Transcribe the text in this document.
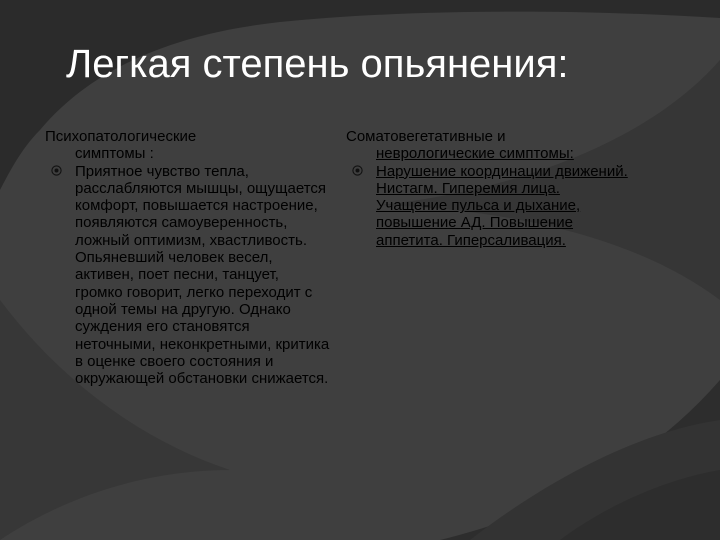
Легкая степень опьянения:
Психопатологические
симптомы :
Приятное чувство тепла, расслабляются мышцы, ощущается комфорт, повышается настроение, появляются самоуверенность, ложный оптимизм, хвастливость. Опьяневший человек весел, активен, поет песни, танцует, громко говорит, легко переходит с одной темы на другую. Однако суждения его становятся неточными, неконкретными, критика в оценке своего состояния и окружающей обстановки снижается.
Соматовегетативные и
неврологические симптомы:
Нарушение координации движений. Нистагм. Гиперемия лица. Учащение пульса и дыхание, повышение АД. Повышение аппетита. Гиперсаливация.
